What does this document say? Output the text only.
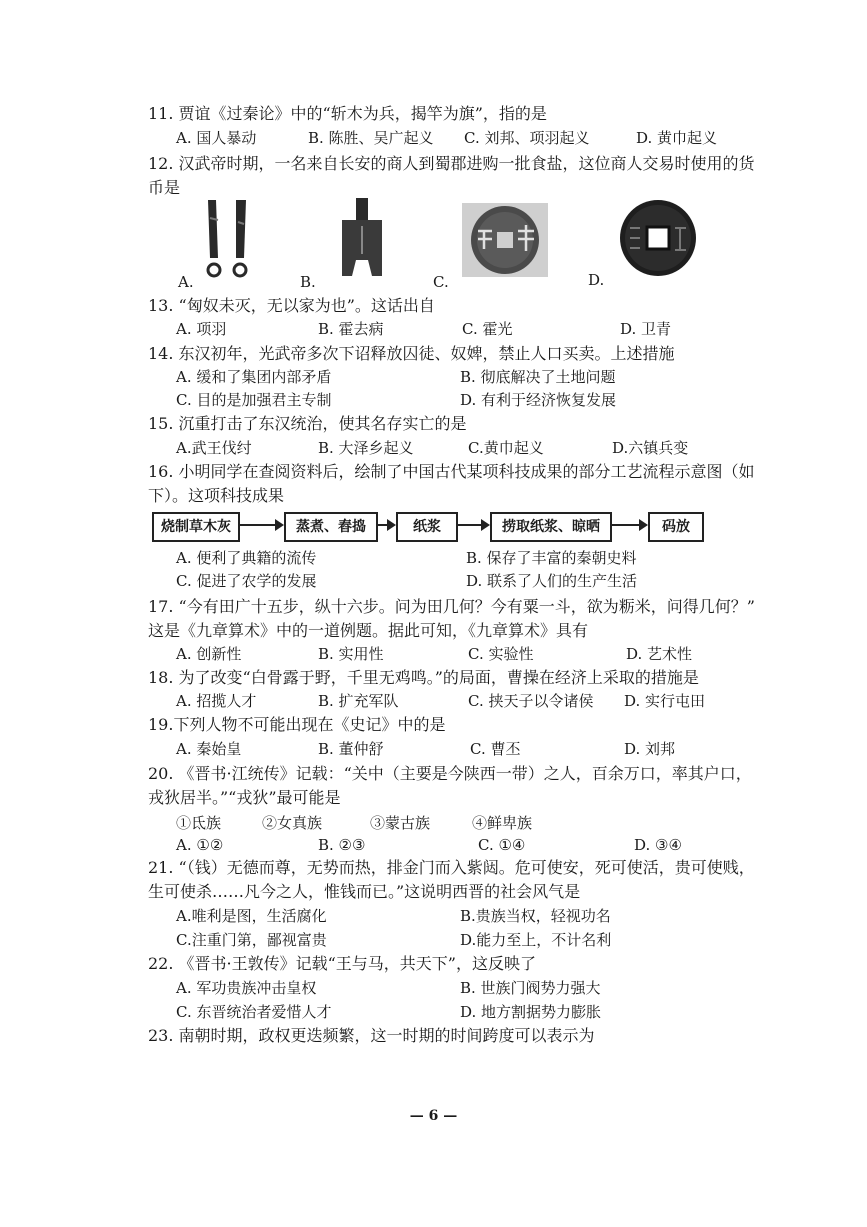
11. 贾谊《过秦论》中的“斩木为兵，揭竿为旗”，指的是
A. 国人暴动	B. 陈胜、吴广起义 C. 刘邦、项羽起义	D. 黄巾起义
12. 汉武帝时期，一名来自长安的商人到蜀郡进购一批食盐，这位商人交易时使用的货
币是
A.	B.	C.	D.
13. “匈奴未灭，无以家为也”。这话出自
A. 项羽	B. 霍去病	C. 霍光	D. 卫青
14. 东汉初年，光武帝多次下诏释放囚徒、奴婢，禁止人口买卖。上述措施
A. 缓和了集团内部矛盾	B. 彻底解决了土地问题
C. 目的是加强君主专制	D. 有利于经济恢复发展
15. 沉重打击了东汉统治，使其名存实亡的是
A.武王伐纣	B. 大泽乡起义	C.黄巾起义	D.六镇兵变
16. 小明同学在查阅资料后，绘制了中国古代某项科技成果的部分工艺流程示意图（如
下）。这项科技成果
烧制草木灰	蒸煮、舂捣	纸浆	捞取纸浆、晾晒	码放
A. 便利了典籍的流传	B. 保存了丰富的秦朝史料
C. 促进了农学的发展	D. 联系了人们的生产生活
17. “今有田广十五步，纵十六步。问为田几何？今有粟一斗，欲为粝米，问得几何？”
这是《九章算术》中的一道例题。据此可知，《九章算术》具有
A. 创新性	B. 实用性	C. 实验性	D. 艺术性
18. 为了改变“白骨露于野，千里无鸡鸣。”的局面，曹操在经济上采取的措施是
A. 招揽人才	B. 扩充军队	C. 挟天子以令诸侯 D. 实行屯田
19.下列人物不可能出现在《史记》中的是
A. 秦始皇	B. 董仲舒	C. 曹丕	D. 刘邦
20. 《晋书·江统传》记载：“关中（主要是今陕西一带）之人，百余万口，率其户口，
戎狄居半。”“戎狄”最可能是
①氐族	②女真族	③蒙古族	④鲜卑族
A. ①②	B. ②③	C. ①④	D. ③④
21. “（钱）无德而尊，无势而热，排金门而入紫闼。危可使安，死可使活，贵可使贱，
生可使杀……凡今之人，惟钱而已。”这说明西晋的社会风气是
A.唯利是图，生活腐化	B.贵族当权，轻视功名
C.注重门第，鄙视富贵	D.能力至上，不计名利
22. 《晋书·王敦传》记载“王与马，共天下”，这反映了
A. 军功贵族冲击皇权	B. 世族门阀势力强大
C. 东晋统治者爱惜人才	D. 地方割据势力膨胀
23. 南朝时期，政权更迭频繁，这一时期的时间跨度可以表示为
— 6 —
